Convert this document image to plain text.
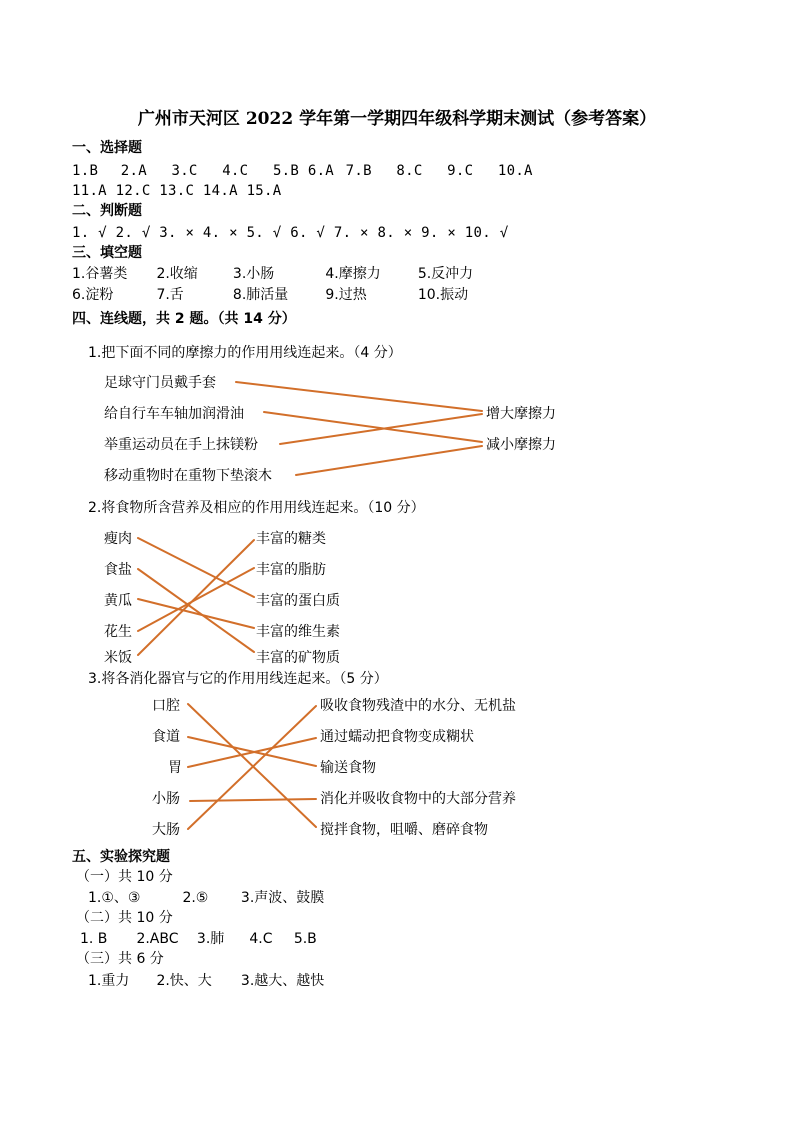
广州市天河区 2022 学年第一学期四年级科学期末测试（参考答案）
一、选择题
1.B 2.A 3.C 4.C 5.B 6.A 7.B 8.C 9.C 10.A
11.A 12.C 13.C 14.A 15.A
二、判断题
1. √ 2. √ 3. × 4. × 5. √ 6. √ 7. × 8. × 9. × 10. √
三、填空题
1.谷薯类 2.收缩	3.小肠	4.摩擦力	5.反冲力
6.淀粉	7.舌	8.肺活量	9.过热	10.振动
四、连线题，共 2 题。（共 14 分）
1.把下面不同的摩擦力的作用用线连起来。（4 分）
足球守门员戴手套
给自行车车轴加润滑油
举重运动员在手上抹镁粉
移动重物时在重物下垫滚木
增大摩擦力
减小摩擦力
2.将食物所含营养及相应的作用用线连起来。（10 分）
瘦肉
食盐
黄瓜
花生
米饭
丰富的糖类
丰富的脂肪
丰富的蛋白质
丰富的维生素
丰富的矿物质
3.将各消化器官与它的作用用线连起来。（5 分）
口腔
食道
胃
小肠
大肠
吸收食物残渣中的水分、无机盐
通过蠕动把食物变成糊状
输送食物
消化并吸收食物中的大部分营养
搅拌食物，咀嚼、磨碎食物
五、实验探究题
（一）共 10 分
1.①、③	2.⑤ 3.声波、鼓膜
（二）共 10 分
1. B 2.ABC 3.肺 4.C 5.B
（三）共 6 分
1.重力 2.快、大 3.越大、越快
